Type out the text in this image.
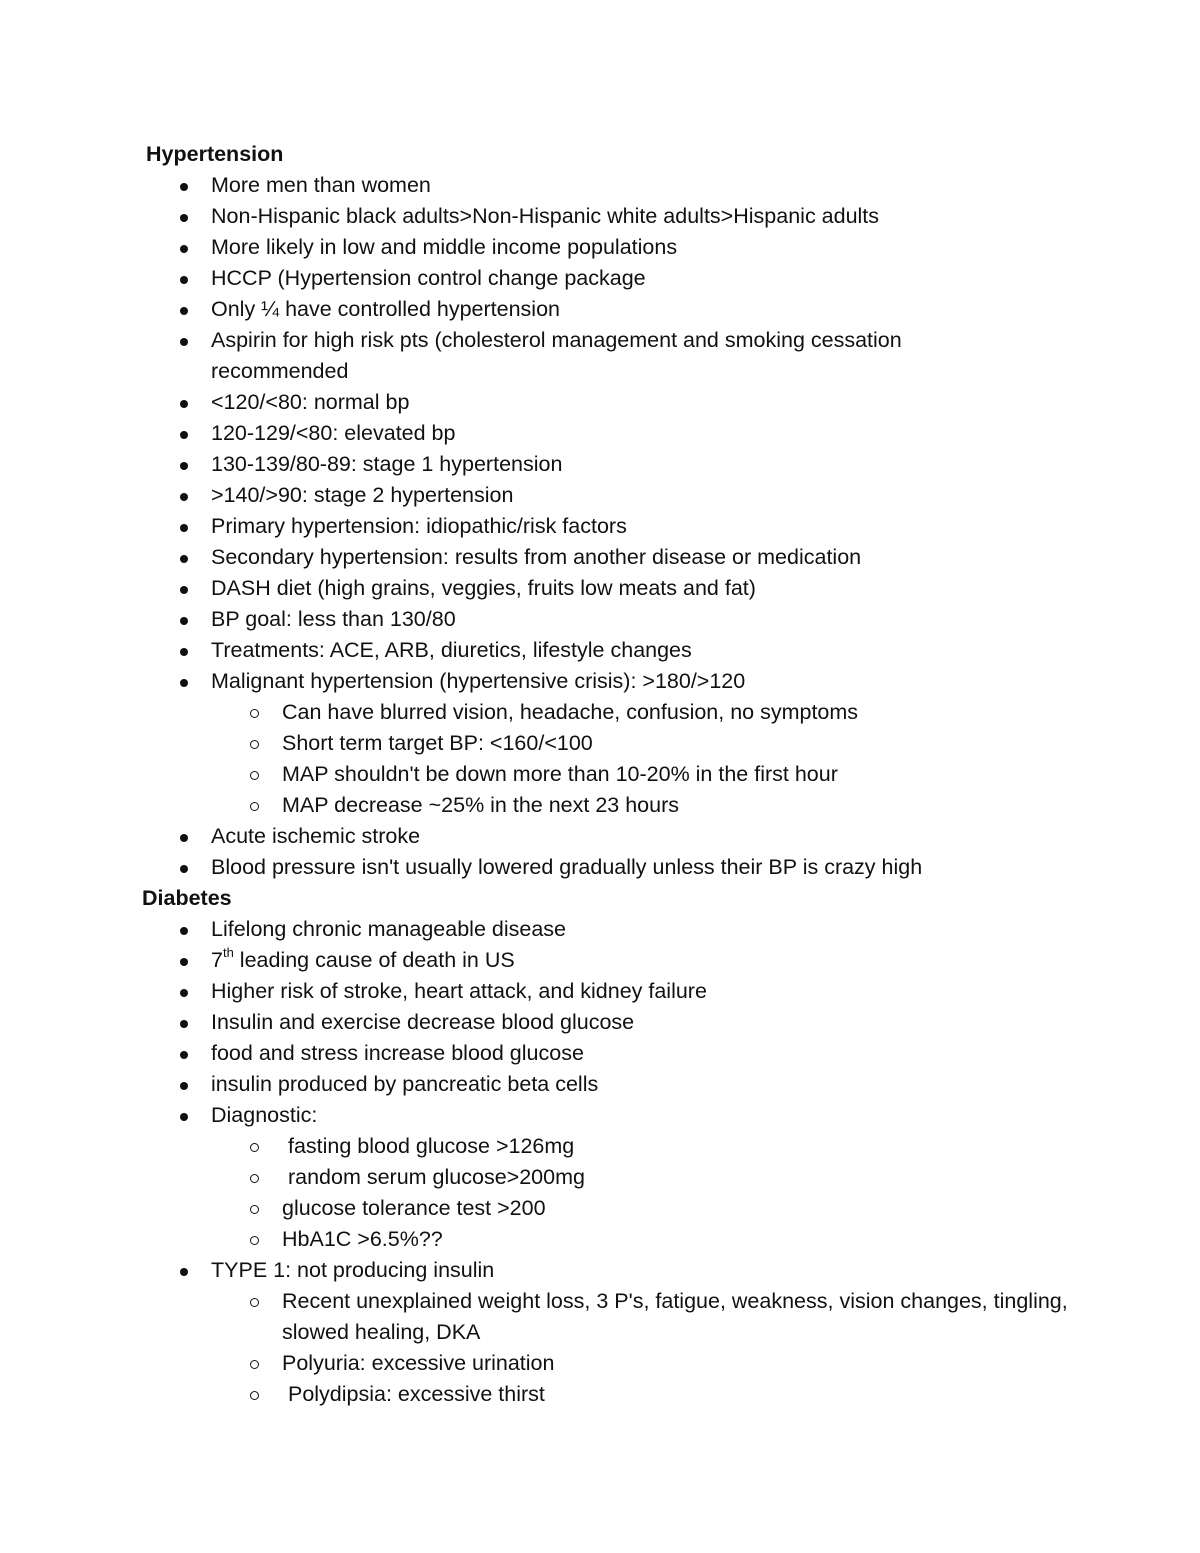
Hypertension
More men than women
Non-Hispanic black adults>Non-Hispanic white adults>Hispanic adults
More likely in low and middle income populations
HCCP (Hypertension control change package
Only ¼ have controlled hypertension
Aspirin for high risk pts (cholesterol management and smoking cessation recommended
<120/<80: normal bp
120-129/<80: elevated bp
130-139/80-89: stage 1 hypertension
>140/>90: stage 2 hypertension
Primary hypertension: idiopathic/risk factors
Secondary hypertension: results from another disease or medication
DASH diet (high grains, veggies, fruits low meats and fat)
BP goal: less than 130/80
Treatments: ACE, ARB, diuretics, lifestyle changes
Malignant hypertension (hypertensive crisis): >180/>120
Can have blurred vision, headache, confusion, no symptoms
Short term target BP: <160/<100
MAP shouldn't be down more than 10-20% in the first hour
MAP decrease ~25% in the next 23 hours
Acute ischemic stroke
Blood pressure isn't usually lowered gradually unless their BP is crazy high
Diabetes
Lifelong chronic manageable disease
7th leading cause of death in US
Higher risk of stroke, heart attack, and kidney failure
Insulin and exercise decrease blood glucose
food and stress increase blood glucose
insulin produced by pancreatic beta cells
Diagnostic:
fasting blood glucose >126mg
random serum glucose>200mg
glucose tolerance test >200
HbA1C >6.5%??
TYPE 1: not producing insulin
Recent unexplained weight loss, 3 P's, fatigue, weakness, vision changes, tingling, slowed healing, DKA
Polyuria: excessive urination
Polydipsia: excessive thirst
